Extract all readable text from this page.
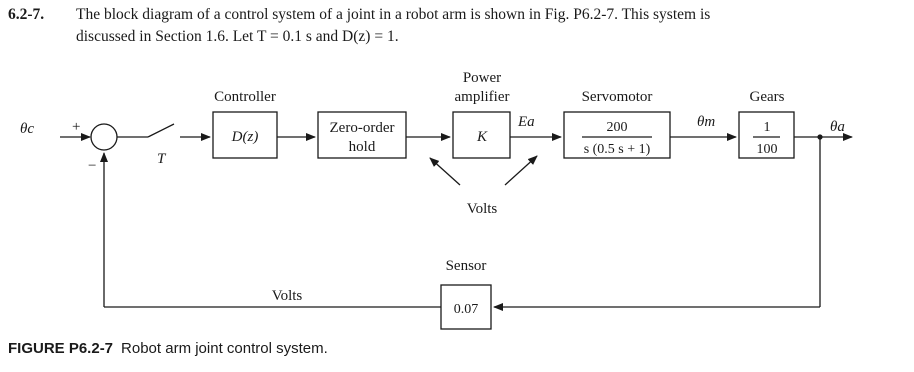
6.2-7. The block diagram of a control system of a joint in a robot arm is shown in Fig. P6.2-7. This system is
discussed in Section 1.6. Let T = 0.1 s and D(z) = 1.
θc	+
−	T
Controller
D(z)
Zero-order
hold
Power
amplifier
K
Ea
Volts
Servomotor
200
s (0.5 s + 1)
θm
Gears
1
100
θa
Sensor
0.07
Volts
FIGURE P6.2-7 Robot arm joint control system.
